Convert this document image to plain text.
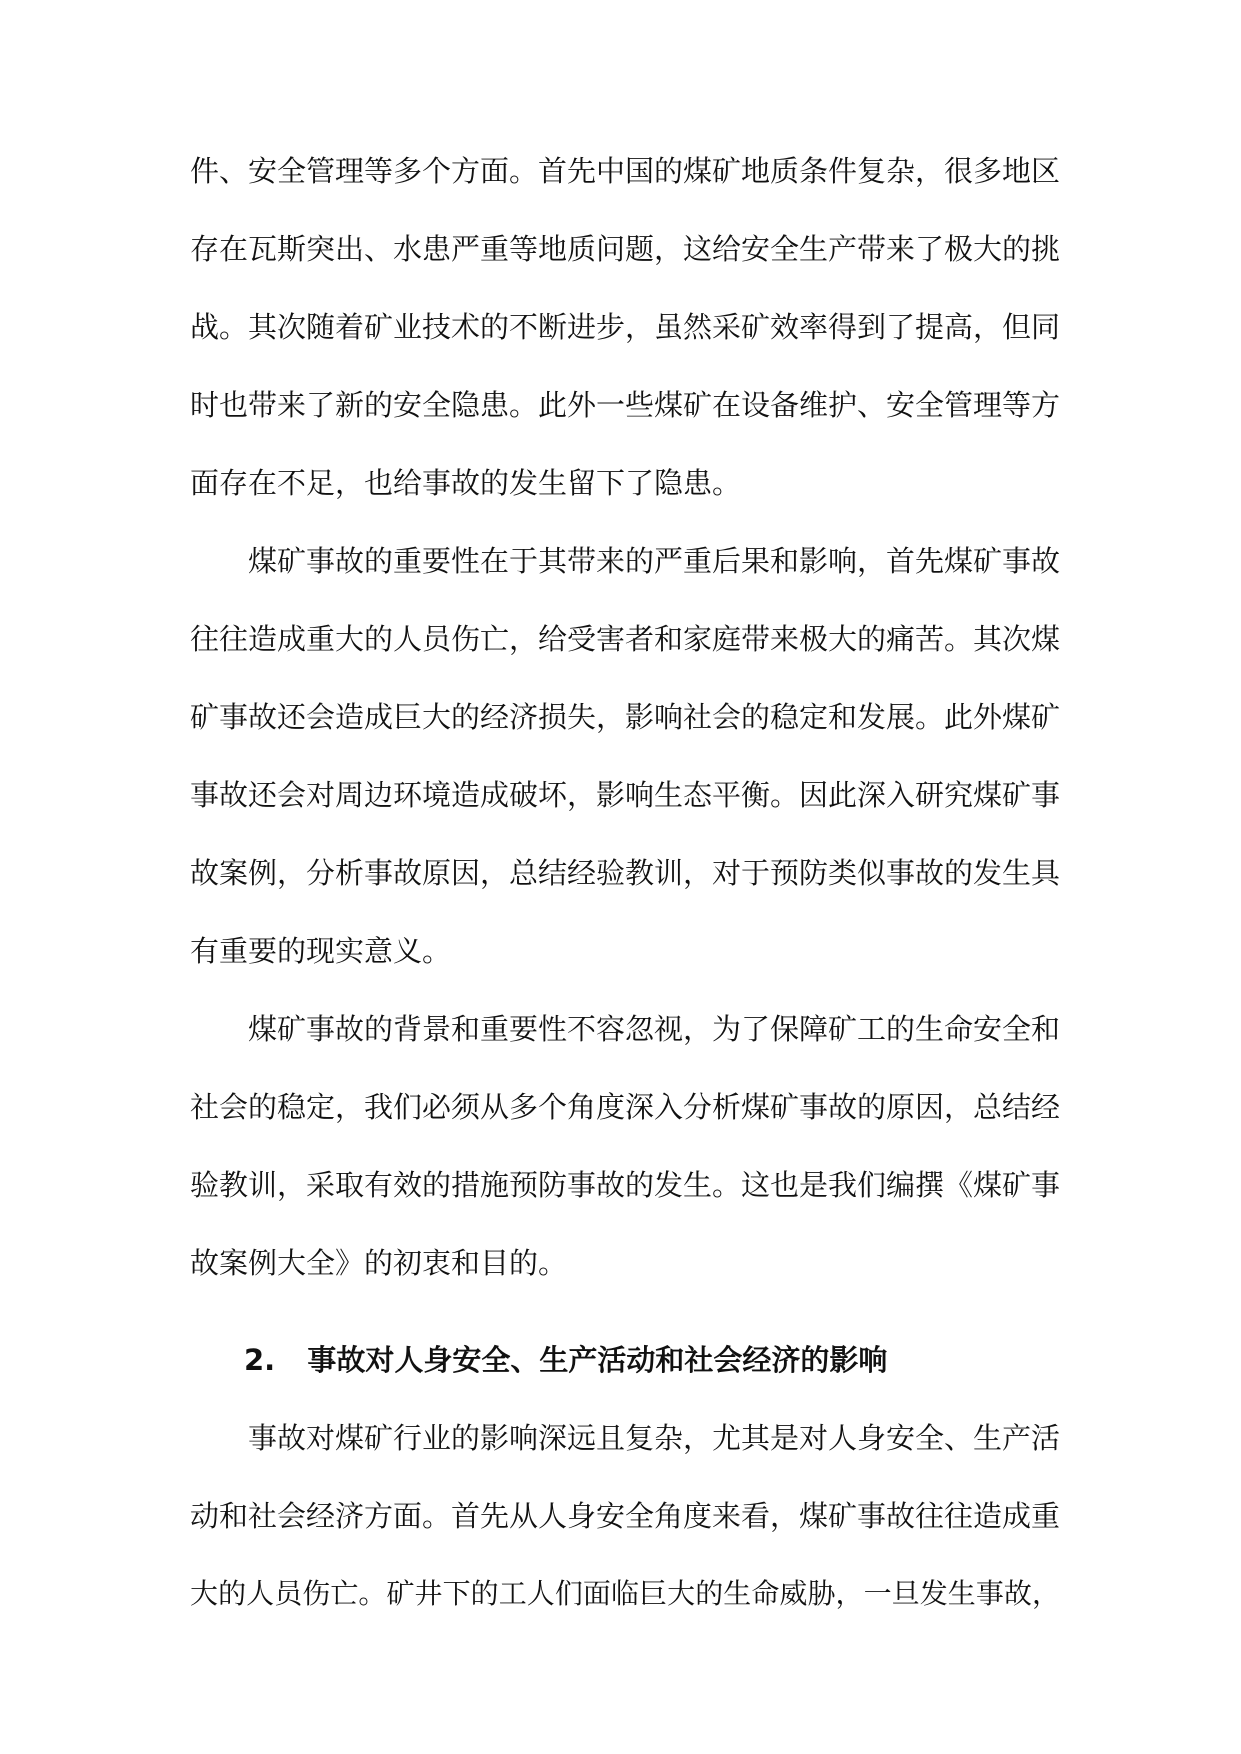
件、安全管理等多个方面。首先中国的煤矿地质条件复杂，很多地区
存在瓦斯突出、水患严重等地质问题，这给安全生产带来了极大的挑
战。其次随着矿业技术的不断进步，虽然采矿效率得到了提高，但同
时也带来了新的安全隐患。此外一些煤矿在设备维护、安全管理等方
面存在不足，也给事故的发生留下了隐患。
煤矿事故的重要性在于其带来的严重后果和影响，首先煤矿事故
往往造成重大的人员伤亡，给受害者和家庭带来极大的痛苦。其次煤
矿事故还会造成巨大的经济损失，影响社会的稳定和发展。此外煤矿
事故还会对周边环境造成破坏，影响生态平衡。因此深入研究煤矿事
故案例，分析事故原因，总结经验教训，对于预防类似事故的发生具
有重要的现实意义。
煤矿事故的背景和重要性不容忽视，为了保障矿工的生命安全和
社会的稳定，我们必须从多个角度深入分析煤矿事故的原因，总结经
验教训，采取有效的措施预防事故的发生。这也是我们编撰《煤矿事
故案例大全》的初衷和目的。
2. 事故对人身安全、生产活动和社会经济的影响
事故对煤矿行业的影响深远且复杂，尤其是对人身安全、生产活
动和社会经济方面。首先从人身安全角度来看，煤矿事故往往造成重
大的人员伤亡。矿井下的工人们面临巨大的生命威胁，一旦发生事故，
